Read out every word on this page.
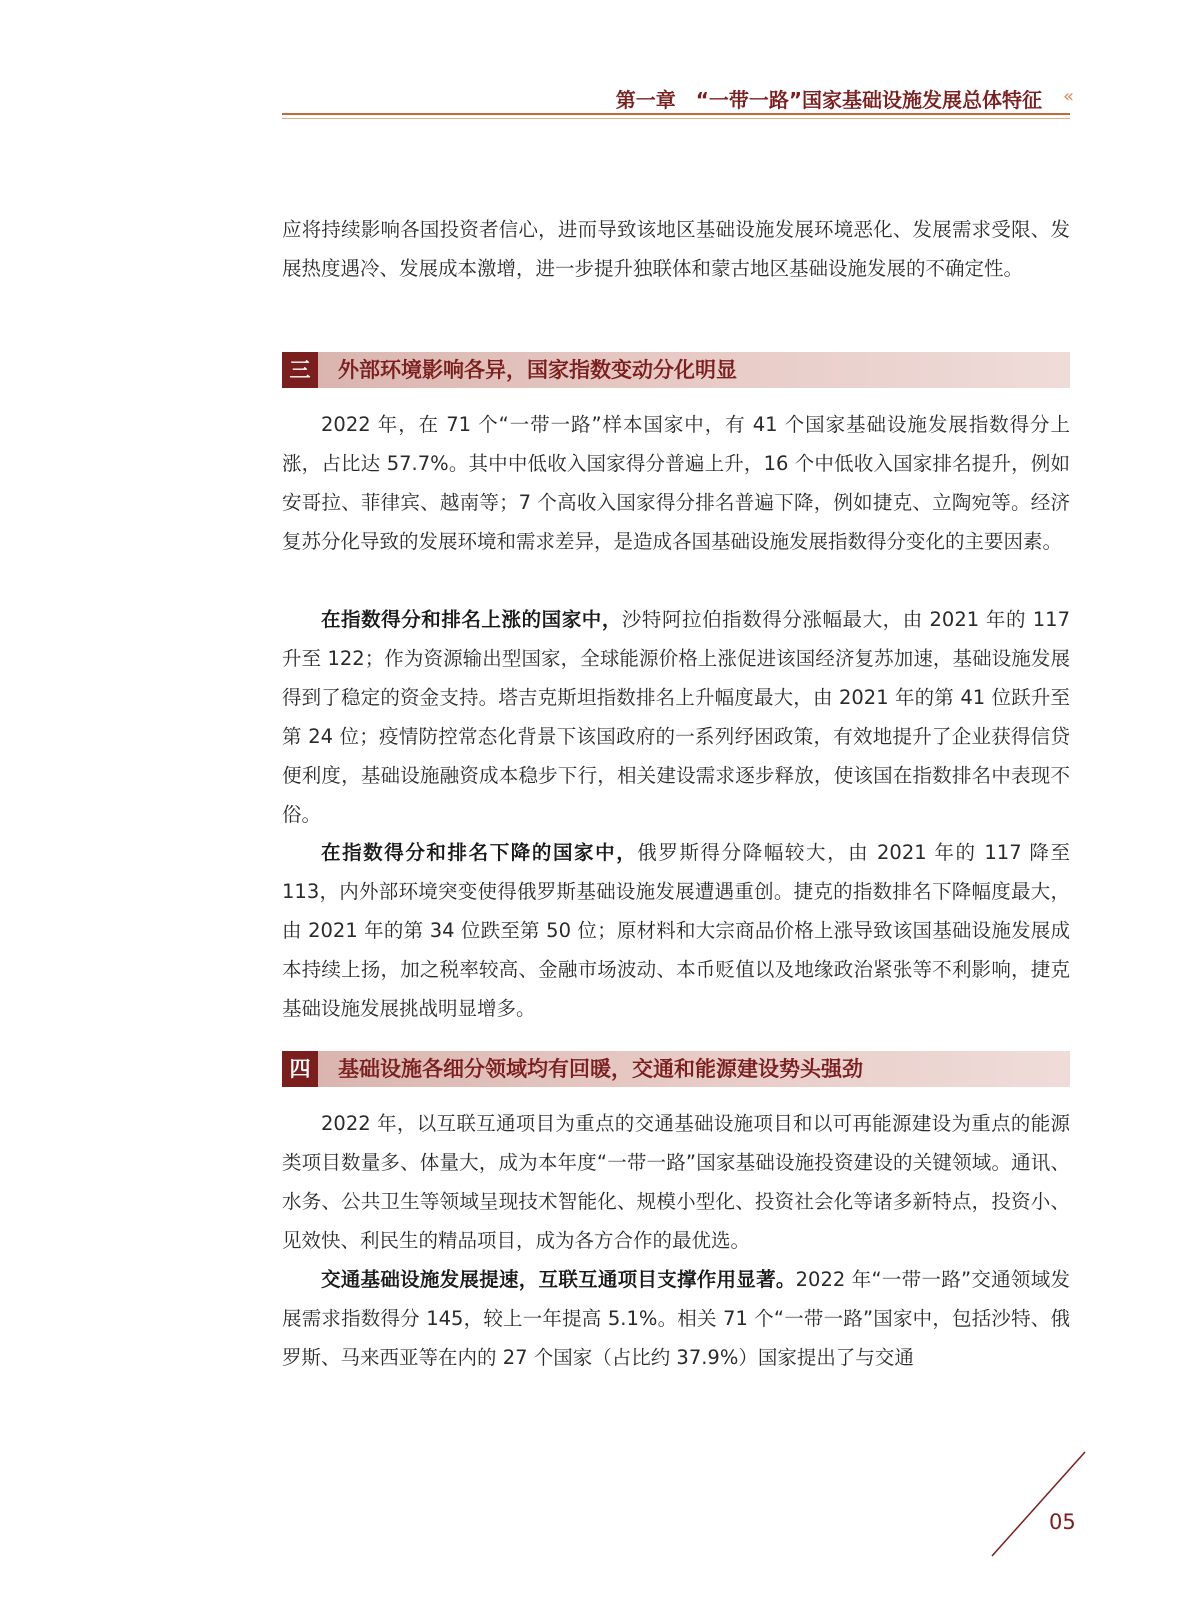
第一章　“一带一路”国家基础设施发展总体特征 «
应将持续影响各国投资者信心，进而导致该地区基础设施发展环境恶化、发展需求受限、发展热度遇冷、发展成本激增，进一步提升独联体和蒙古地区基础设施发展的不确定性。
三	外部环境影响各异，国家指数变动分化明显
2022 年，在 71 个“一带一路”样本国家中，有 41 个国家基础设施发展指数得分上涨，占比达 57.7%。其中中低收入国家得分普遍上升，16 个中低收入国家排名提升，例如安哥拉、菲律宾、越南等；7 个高收入国家得分排名普遍下降，例如捷克、立陶宛等。经济复苏分化导致的发展环境和需求差异，是造成各国基础设施发展指数得分变化的主要因素。
在指数得分和排名上涨的国家中，沙特阿拉伯指数得分涨幅最大，由 2021 年的 117 升至 122；作为资源输出型国家，全球能源价格上涨促进该国经济复苏加速，基础设施发展得到了稳定的资金支持。塔吉克斯坦指数排名上升幅度最大，由 2021 年的第 41 位跃升至第 24 位；疫情防控常态化背景下该国政府的一系列纾困政策，有效地提升了企业获得信贷便利度，基础设施融资成本稳步下行，相关建设需求逐步释放，使该国在指数排名中表现不俗。
在指数得分和排名下降的国家中，俄罗斯得分降幅较大，由 2021 年的 117 降至 113，内外部环境突变使得俄罗斯基础设施发展遭遇重创。捷克的指数排名下降幅度最大，由 2021 年的第 34 位跌至第 50 位；原材料和大宗商品价格上涨导致该国基础设施发展成本持续上扬，加之税率较高、金融市场波动、本币贬值以及地缘政治紧张等不利影响，捷克基础设施发展挑战明显增多。
四	基础设施各细分领域均有回暖，交通和能源建设势头强劲
2022 年，以互联互通项目为重点的交通基础设施项目和以可再能源建设为重点的能源类项目数量多、体量大，成为本年度“一带一路”国家基础设施投资建设的关键领域。通讯、水务、公共卫生等领域呈现技术智能化、规模小型化、投资社会化等诸多新特点，投资小、见效快、利民生的精品项目，成为各方合作的最优选。
交通基础设施发展提速，互联互通项目支撑作用显著。2022 年“一带一路”交通领域发展需求指数得分 145，较上一年提高 5.1%。相关 71 个“一带一路”国家中，包括沙特、俄罗斯、马来西亚等在内的 27 个国家（占比约 37.9%）国家提出了与交通
05
